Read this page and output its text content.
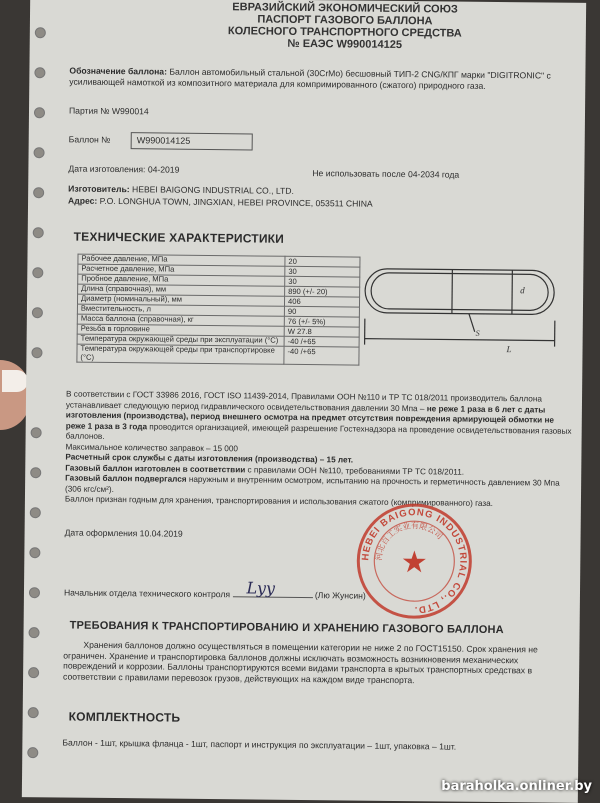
ЕВРАЗИЙСКИЙ ЭКОНОМИЧЕСКИЙ СОЮЗ
ПАСПОРТ ГАЗОВОГО БАЛЛОНА
КОЛЕСНОГО ТРАНСПОРТНОГО СРЕДСТВА
№ ЕАЭС W990014125
Обозначение баллона: Баллон автомобильный стальной (30CrMo) бесшовный ТИП-2 CNG/КПГ марки "DIGITRONIC" с усиливающей намоткой из композитного материала для компримированного (сжатого) природного газа.
Партия № W990014
Баллон №	W990014125
Дата изготовления: 04-2019	Не использовать после 04-2034 года
Изготовитель: HEBEI BAIGONG INDUSTRIAL CO., LTD.
Адрес: P.O. LONGHUA TOWN, JINGXIAN, HEBEI PROVINCE, 053511 CHINA
ТЕХНИЧЕСКИЕ ХАРАКТЕРИСТИКИ
Рабочее давление, МПа	20
Расчетное давление, МПа	30
Пробное давление, МПа	30
Длина (справочная), мм	890 (+/- 20)
Диаметр (номинальный), мм	406
Вместительность, л	90
Масса баллона (справочная), кг	76 (+/- 5%)
Резьба в горловине	W 27.8
Температура окружающей среды при эксплуатации (°С)	-40 /+65
Температура окружающей среды при транспортировке (°С)	-40 /+65
d
S
L
В соответствии с ГОСТ 33986 2016, ГОСТ ISO 11439-2014, Правилами ООН №110 и ТР ТС 018/2011 производитель баллона устанавливает следующую период гидравлического освидетельствования давлении 30 Мпа – не реже 1 раза в 6 лет с даты изготовления (производства), период внешнего осмотра на предмет отсутствия повреждения армирующей обмотки не реже 1 раза в 3 года проводится организацией, имеющей разрешение Гостехнадзора на проведение освидетельствования газовых баллонов.
Максимальное количество заправок – 15 000
Расчетный срок службы с даты изготовления (производства) – 15 лет.
Газовый баллон изготовлен в соответствии с правилами ООН №110, требованиями ТР ТС 018/2011.
Газовый баллон подвергался наружным и внутренним осмотром, испытанию на прочность и герметичность давлением 30 Мпа (306 кгс/см²).
Баллон признан годным для хранения, транспортирования и использования сжатого (компримированного) газа.
Дата оформления 10.04.2019
HEBEI BAIGONG INDUSTRIAL CO., LTD.
河北百工实业有限公司
★
Начальник отдела технического контроля Lyy	(Лю Жунсин)
ТРЕБОВАНИЯ К ТРАНСПОРТИРОВАНИЮ И ХРАНЕНИЮ ГАЗОВОГО БАЛЛОНА
Хранения баллонов должно осуществляться в помещении категории не ниже 2 по ГОСТ15150. Срок хранения не ограничен. Хранение и транспортировка баллонов должны исключать возможность возникновения механических повреждений и коррозии. Баллоны транспортируются всеми видами транспорта в крытых транспортных средствах в соответствии с правилами перевозок грузов, действующих на каждом виде транспорта.
КОМПЛЕКТНОСТЬ
Баллон - 1шт, крышка фланца - 1шт, паспорт и инструкция по эксплуатации – 1шт, упаковка – 1шт.
baraholka.onliner.by
